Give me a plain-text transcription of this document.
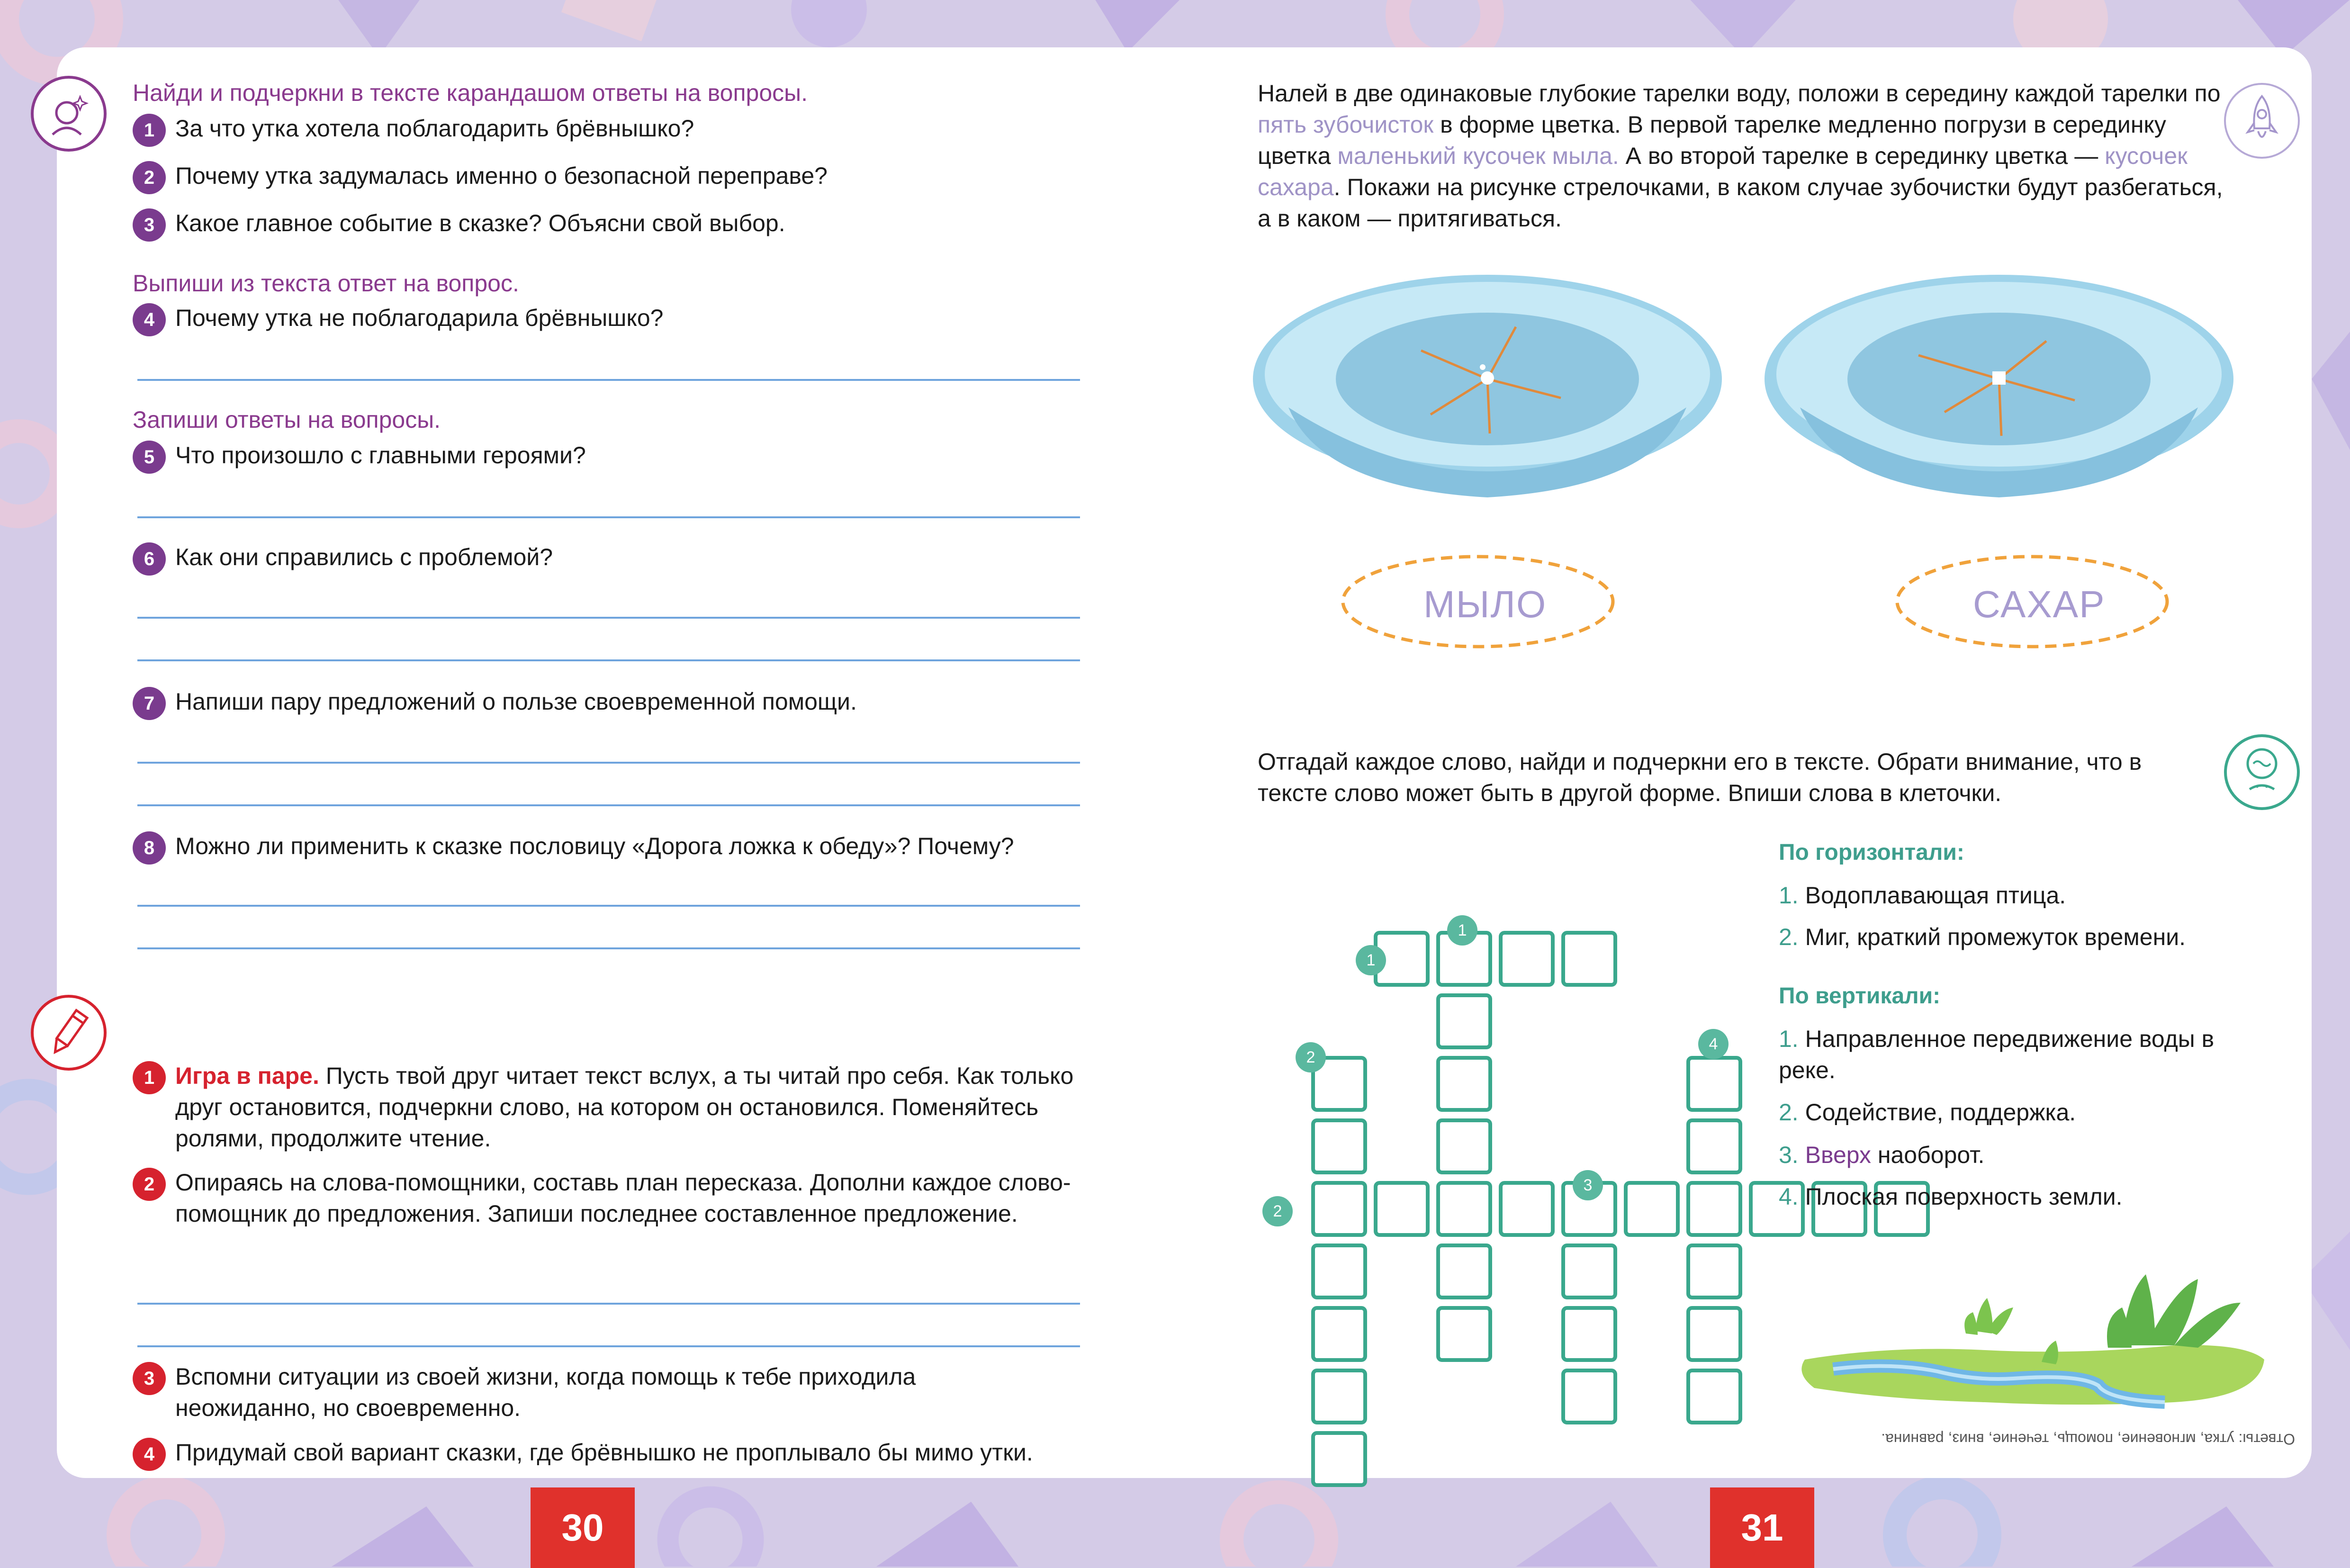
Найди и подчеркни в тексте карандашом ответы на вопросы.
1 За что утка хотела поблагодарить брёвнышко?
2 Почему утка задумалась именно о безопасной переправе?
3 Какое главное событие в сказке? Объясни свой выбор.
Выпиши из текста ответ на вопрос.
4 Почему утка не поблагодарила брёвнышко?
Запиши ответы на вопросы.
5 Что произошло с главными героями?
6 Как они справились с проблемой?
7 Напиши пару предложений о пользе своевременной помощи.
8 Можно ли применить к сказке пословицу «Дорога ложка к обеду»? Почему?
1 Игра в паре. Пусть твой друг читает текст вслух, а ты читай про себя. Как только друг остановится, подчеркни слово, на котором он остановился. Поменяйтесь ролями, продолжите чтение.
2 Опираясь на слова-помощники, составь план пересказа. Дополни каждое слово-помощник до предложения. Запиши последнее составленное предложение.
3 Вспомни ситуации из своей жизни, когда помощь к тебе приходила неожиданно, но своевременно.
4 Придумай свой вариант сказки, где брёвнышко не проплывало бы мимо утки.
Налей в две одинаковые глубокие тарелки воду, положи в середину каждой тарелки по пять зубочисток в форме цветка. В первой тарелке медленно погрузи в серединку цветка маленький кусочек мыла. А во второй тарелке в серединку цветка — кусочек сахара. Покажи на рисунке стрелочками, в каком случае зубочистки будут разбегаться, а в каком — притягиваться.
МЫЛО	САХАР
Отгадай каждое слово, найди и подчеркни его в тексте. Обрати внимание, что в тексте слово может быть в другой форме. Впиши слова в клеточки.
1
1
4
2
2
3
По горизонтали:
1. Водоплавающая птица.
2. Миг, краткий промежуток времени.
По вертикали:
1. Направленное передвижение воды в реке.
2. Содействие, поддержка.
3. Вверх наоборот.
4. Плоская поверхность земли.
Ответы: утка, мгновение, помощь, течение, вниз, равнина.
30	31
